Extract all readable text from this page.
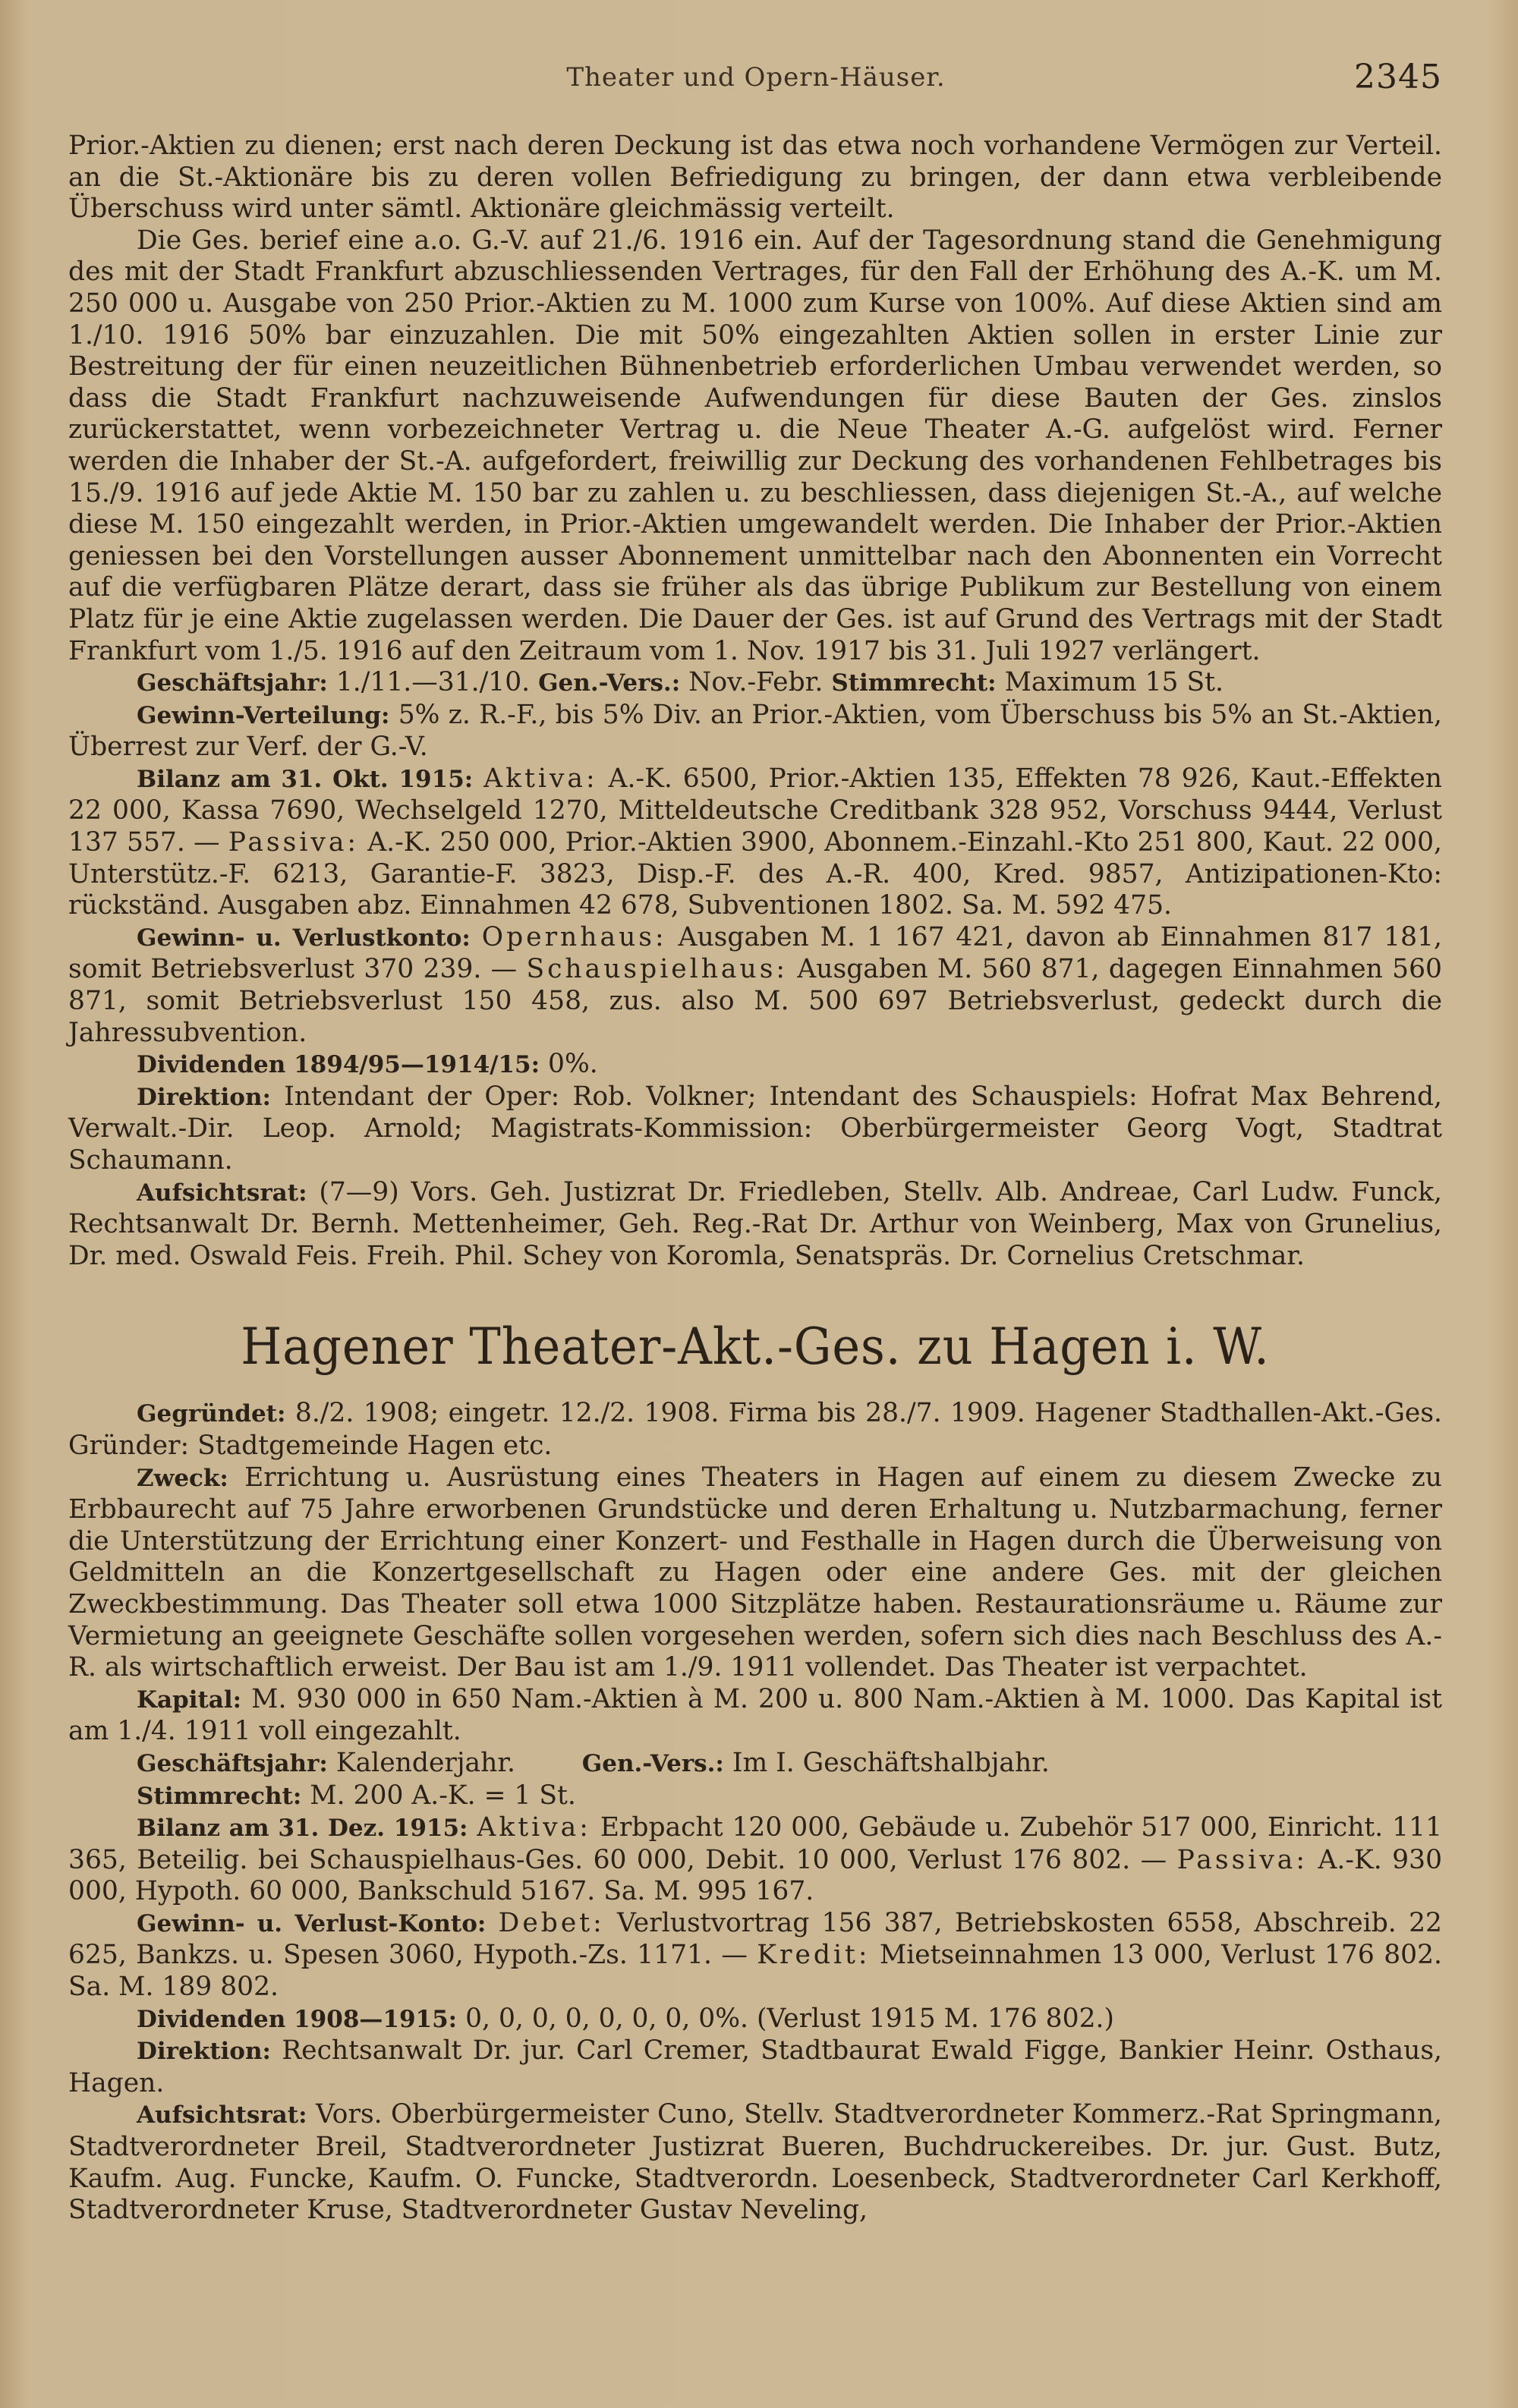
Theater und Opern-Häuser.	2345

Prior.-Aktien zu dienen; erst nach deren Deckung ist das etwa noch vorhandene Vermögen zur Verteil. an die St.-Aktionäre bis zu deren vollen Befriedigung zu bringen, der dann etwa verbleibende Überschuss wird unter sämtl. Aktionäre gleichmässig verteilt.

Die Ges. berief eine a.o. G.-V. auf 21./6. 1916 ein. Auf der Tagesordnung stand die Genehmigung des mit der Stadt Frankfurt abzuschliessenden Vertrages, für den Fall der Erhöhung des A.-K. um M. 250 000 u. Ausgabe von 250 Prior.-Aktien zu M. 1000 zum Kurse von 100%. Auf diese Aktien sind am 1./10. 1916 50% bar einzuzahlen. Die mit 50% eingezahlten Aktien sollen in erster Linie zur Bestreitung der für einen neuzeitlichen Bühnenbetrieb erforderlichen Umbau verwendet werden, so dass die Stadt Frankfurt nachzuweisende Aufwendungen für diese Bauten der Ges. zinslos zurückerstattet, wenn vorbezeichneter Vertrag u. die Neue Theater A.-G. aufgelöst wird. Ferner werden die Inhaber der St.-A. aufgefordert, freiwillig zur Deckung des vorhandenen Fehlbetrages bis 15./9. 1916 auf jede Aktie M. 150 bar zu zahlen u. zu beschliessen, dass diejenigen St.-A., auf welche diese M. 150 eingezahlt werden, in Prior.-Aktien umgewandelt werden. Die Inhaber der Prior.-Aktien geniessen bei den Vorstellungen ausser Abonnement unmittelbar nach den Abonnenten ein Vorrecht auf die verfügbaren Plätze derart, dass sie früher als das übrige Publikum zur Bestellung von einem Platz für je eine Aktie zugelassen werden. Die Dauer der Ges. ist auf Grund des Vertrags mit der Stadt Frankfurt vom 1./5. 1916 auf den Zeitraum vom 1. Nov. 1917 bis 31. Juli 1927 verlängert.

Geschäftsjahr: 1./11.—31./10. Gen.-Vers.: Nov.-Febr. Stimmrecht: Maximum 15 St.

Gewinn-Verteilung: 5% z. R.-F., bis 5% Div. an Prior.-Aktien, vom Überschuss bis 5% an St.-Aktien, Überrest zur Verf. der G.-V.

Bilanz am 31. Okt. 1915: Aktiva: A.-K. 6500, Prior.-Aktien 135, Effekten 78 926, Kaut.-Effekten 22 000, Kassa 7690, Wechselgeld 1270, Mitteldeutsche Creditbank 328 952, Vorschuss 9444, Verlust 137 557. — Passiva: A.-K. 250 000, Prior.-Aktien 3900, Abonnem.-Einzahl.-Kto 251 800, Kaut. 22 000, Unterstütz.-F. 6213, Garantie-F. 3823, Disp.-F. des A.-R. 400, Kred. 9857, Antizipationen-Kto: rückständ. Ausgaben abz. Einnahmen 42 678, Subventionen 1802. Sa. M. 592 475.

Gewinn- u. Verlustkonto: Opernhaus: Ausgaben M. 1 167 421, davon ab Einnahmen 817 181, somit Betriebsverlust 370 239. — Schauspielhaus: Ausgaben M. 560 871, dagegen Einnahmen 560 871, somit Betriebsverlust 150 458, zus. also M. 500 697 Betriebsverlust, gedeckt durch die Jahressubvention.

Dividenden 1894/95—1914/15: 0%.

Direktion: Intendant der Oper: Rob. Volkner; Intendant des Schauspiels: Hofrat Max Behrend, Verwalt.-Dir. Leop. Arnold; Magistrats-Kommission: Oberbürgermeister Georg Vogt, Stadtrat Schaumann.

Aufsichtsrat: (7—9) Vors. Geh. Justizrat Dr. Friedleben, Stellv. Alb. Andreae, Carl Ludw. Funck, Rechtsanwalt Dr. Bernh. Mettenheimer, Geh. Reg.-Rat Dr. Arthur von Weinberg, Max von Grunelius, Dr. med. Oswald Feis. Freih. Phil. Schey von Koromla, Senatspräs. Dr. Cornelius Cretschmar.

Hagener Theater-Akt.-Ges. zu Hagen i. W.

Gegründet: 8./2. 1908; eingetr. 12./2. 1908. Firma bis 28./7. 1909. Hagener Stadthallen-Akt.-Ges. Gründer: Stadtgemeinde Hagen etc.

Zweck: Errichtung u. Ausrüstung eines Theaters in Hagen auf einem zu diesem Zwecke zu Erbbaurecht auf 75 Jahre erworbenen Grundstücke und deren Erhaltung u. Nutzbarmachung, ferner die Unterstützung der Errichtung einer Konzert- und Festhalle in Hagen durch die Überweisung von Geldmitteln an die Konzertgesellschaft zu Hagen oder eine andere Ges. mit der gleichen Zweckbestimmung. Das Theater soll etwa 1000 Sitzplätze haben. Restaurationsräume u. Räume zur Vermietung an geeignete Geschäfte sollen vorgesehen werden, sofern sich dies nach Beschluss des A.-R. als wirtschaftlich erweist. Der Bau ist am 1./9. 1911 vollendet. Das Theater ist verpachtet.

Kapital: M. 930 000 in 650 Nam.-Aktien à M. 200 u. 800 Nam.-Aktien à M. 1000. Das Kapital ist am 1./4. 1911 voll eingezahlt.

Geschäftsjahr: Kalenderjahr.	Gen.-Vers.: Im I. Geschäftshalbjahr.

Stimmrecht: M. 200 A.-K. = 1 St.

Bilanz am 31. Dez. 1915: Aktiva: Erbpacht 120 000, Gebäude u. Zubehör 517 000, Einricht. 111 365, Beteilig. bei Schauspielhaus-Ges. 60 000, Debit. 10 000, Verlust 176 802. — Passiva: A.-K. 930 000, Hypoth. 60 000, Bankschuld 5167. Sa. M. 995 167.

Gewinn- u. Verlust-Konto: Debet: Verlustvortrag 156 387, Betriebskosten 6558, Abschreib. 22 625, Bankzs. u. Spesen 3060, Hypoth.-Zs. 1171. — Kredit: Mietseinnahmen 13 000, Verlust 176 802. Sa. M. 189 802.

Dividenden 1908—1915: 0, 0, 0, 0, 0, 0, 0, 0%. (Verlust 1915 M. 176 802.)

Direktion: Rechtsanwalt Dr. jur. Carl Cremer, Stadtbaurat Ewald Figge, Bankier Heinr. Osthaus, Hagen.

Aufsichtsrat: Vors. Oberbürgermeister Cuno, Stellv. Stadtverordneter Kommerz.-Rat Springmann, Stadtverordneter Breil, Stadtverordneter Justizrat Bueren, Buchdruckereibes. Dr. jur. Gust. Butz, Kaufm. Aug. Funcke, Kaufm. O. Funcke, Stadtverordn. Loesenbeck, Stadtverordneter Carl Kerkhoff, Stadtverordneter Kruse, Stadtverordneter Gustav Neveling,
